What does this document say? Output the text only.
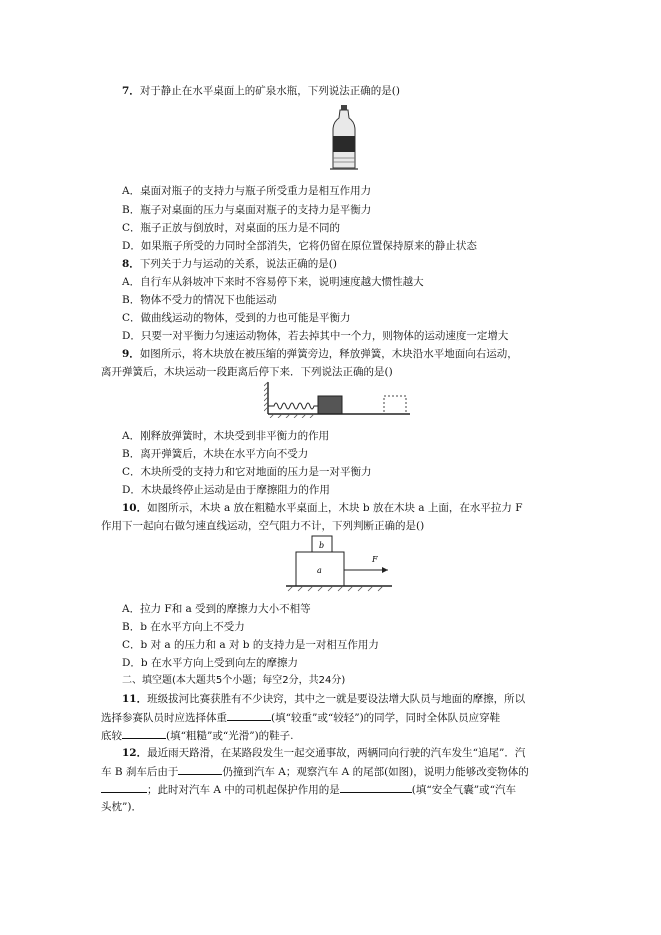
7．对于静止在水平桌面上的矿泉水瓶，下列说法正确的是()
A．桌面对瓶子的支持力与瓶子所受重力是相互作用力
B．瓶子对桌面的压力与桌面对瓶子的支持力是平衡力
C．瓶子正放与倒放时，对桌面的压力是不同的
D．如果瓶子所受的力同时全部消失，它将仍留在原位置保持原来的静止状态
8．下列关于力与运动的关系，说法正确的是()
A．自行车从斜坡冲下来时不容易停下来，说明速度越大惯性越大
B．物体不受力的情况下也能运动
C．做曲线运动的物体，受到的力也可能是平衡力
D．只要一对平衡力匀速运动物体，若去掉其中一个力，则物体的运动速度一定增大
9．如图所示，将木块放在被压缩的弹簧旁边，释放弹簧，木块沿水平地面向右运动，
离开弹簧后，木块运动一段距离后停下来．下列说法正确的是()
A．刚释放弹簧时，木块受到非平衡力的作用
B．离开弹簧后，木块在水平方向不受力
C．木块所受的支持力和它对地面的压力是一对平衡力
D．木块最终停止运动是由于摩擦阻力的作用
10．如图所示，木块 a 放在粗糙水平桌面上，木块 b 放在木块 a 上面，在水平拉力 F
作用下一起向右做匀速直线运动，空气阻力不计，下列判断正确的是()
b
a
F
A．拉力 F和 a 受到的摩擦力大小不相等
B．b 在水平方向上不受力
C．b 对 a 的压力和 a 对 b 的支持力是一对相互作用力
D．b 在水平方向上受到向左的摩擦力
二、填空题(本大题共5个小题；每空2分，共24分)
11．班级拔河比赛获胜有不少诀窍，其中之一就是要设法增大队员与地面的摩擦，所以
选择参赛队员时应选择体重	(填“较重”或“较轻”)的同学，同时全体队员应穿鞋
底较	(填“粗糙”或“光滑”)的鞋子.
12．最近雨天路滑，在某路段发生一起交通事故，两辆同向行驶的汽车发生“追尾”．汽
车 B 刹车后由于	仍撞到汽车 A；观察汽车 A 的尾部(如图)，说明力能够改变物体的
；此时对汽车 A 中的司机起保护作用的是	(填“安全气囊”或“汽车
头枕”)．
